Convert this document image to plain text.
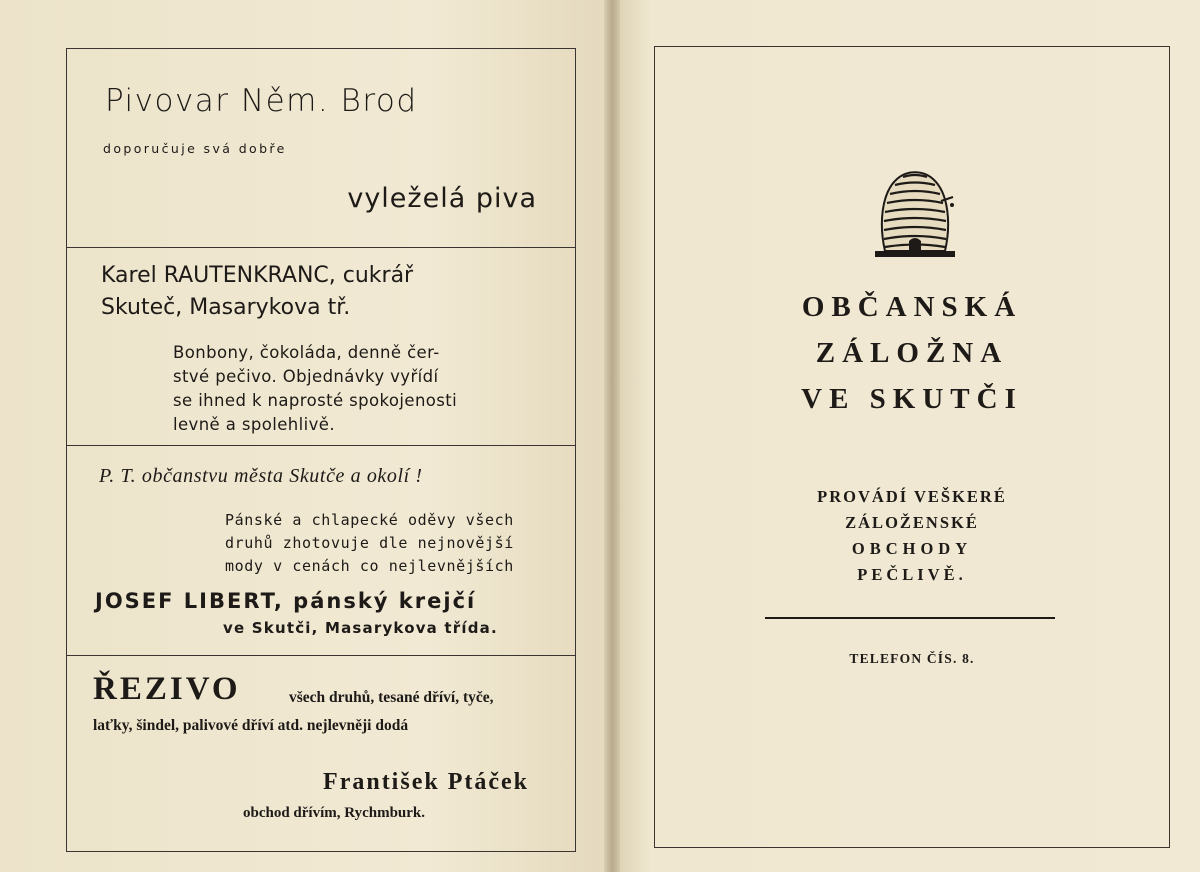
Pivovar Něm. Brod
doporučuje svá dobře
vyleželá piva
Karel RAUTENKRANC, cukrář
Skuteč, Masarykova tř.
Bonbony, čokoláda, denně čer-
stvé pečivo. Objednávky vyřídí
se ihned k naprosté spokojenosti
levně a spolehlivě.
P. T. občanstvu města Skutče a okolí !
Pánské a chlapecké oděvy všech
druhů zhotovuje dle nejnovější
mody v cenách co nejlevnějších
JOSEF LIBERT, pánský krejčí
ve Skutči, Masarykova třída.
ŘEZIVO	všech druhů, tesané dříví, tyče,
laťky, šindel, palivové dříví atd. nejlevněji dodá
František Ptáček
obchod dřívím, Rychmburk.
OBČANSKÁ
ZÁLOŽNA
VE SKUTČI
PROVÁDÍ VEŠKERÉ
ZÁLOŽENSKÉ
OBCHODY
PEČLIVĚ.
TELEFON ČÍS. 8.
